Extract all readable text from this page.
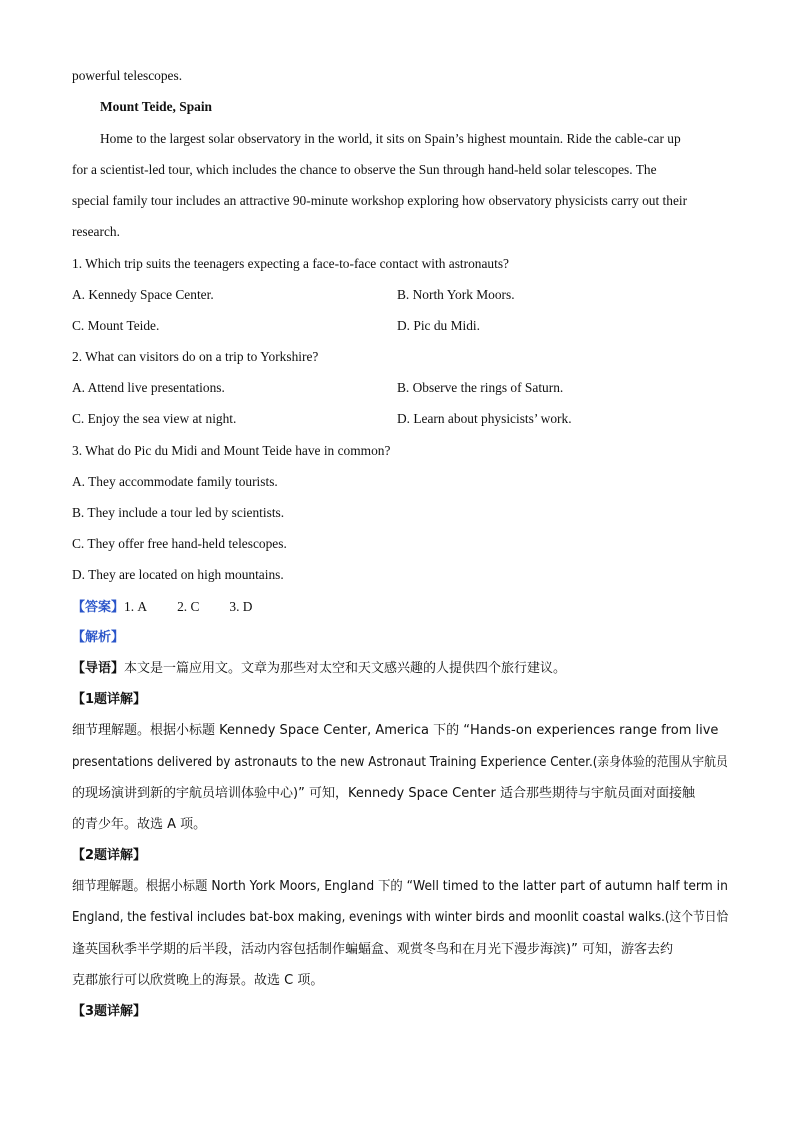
powerful telescopes.
Mount Teide, Spain
Home to the largest solar observatory in the world, it sits on Spain’s highest mountain. Ride the cable-car up
for a scientist-led tour, which includes the chance to observe the Sun through hand-held solar telescopes. The
special family tour includes an attractive 90-minute workshop exploring how observatory physicists carry out their
research.
1. Which trip suits the teenagers expecting a face-to-face contact with astronauts?
A. Kennedy Space Center.	B. North York Moors.
C. Mount Teide.	D. Pic du Midi.
2. What can visitors do on a trip to Yorkshire?
A. Attend live presentations.	B. Observe the rings of Saturn.
C. Enjoy the sea view at night.	D. Learn about physicists’ work.
3. What do Pic du Midi and Mount Teide have in common?
A. They accommodate family tourists.
B. They include a tour led by scientists.
C. They offer free hand-held telescopes.
D. They are located on high mountains.
【答案】1. A 2. C 3. D
【解析】
【导语】本文是一篇应用文。文章为那些对太空和天文感兴趣的人提供四个旅行建议。
【1题详解】
细节理解题。根据小标题 Kennedy Space Center, America 下的 “Hands-on experiences range from live
presentations delivered by astronauts to the new Astronaut Training Experience Center.(亲身体验的范围从宇航员
的现场演讲到新的宇航员培训体验中心)” 可知，Kennedy Space Center 适合那些期待与宇航员面对面接触
的青少年。故选 A 项。
【2题详解】
细节理解题。根据小标题 North York Moors, England 下的 “Well timed to the latter part of autumn half term in
England, the festival includes bat-box making, evenings with winter birds and moonlit coastal walks.(这个节日恰
逢英国秋季半学期的后半段，活动内容包括制作蝙蝠盒、观赏冬鸟和在月光下漫步海滨)” 可知，游客去约
克郡旅行可以欣赏晚上的海景。故选 C 项。
【3题详解】
